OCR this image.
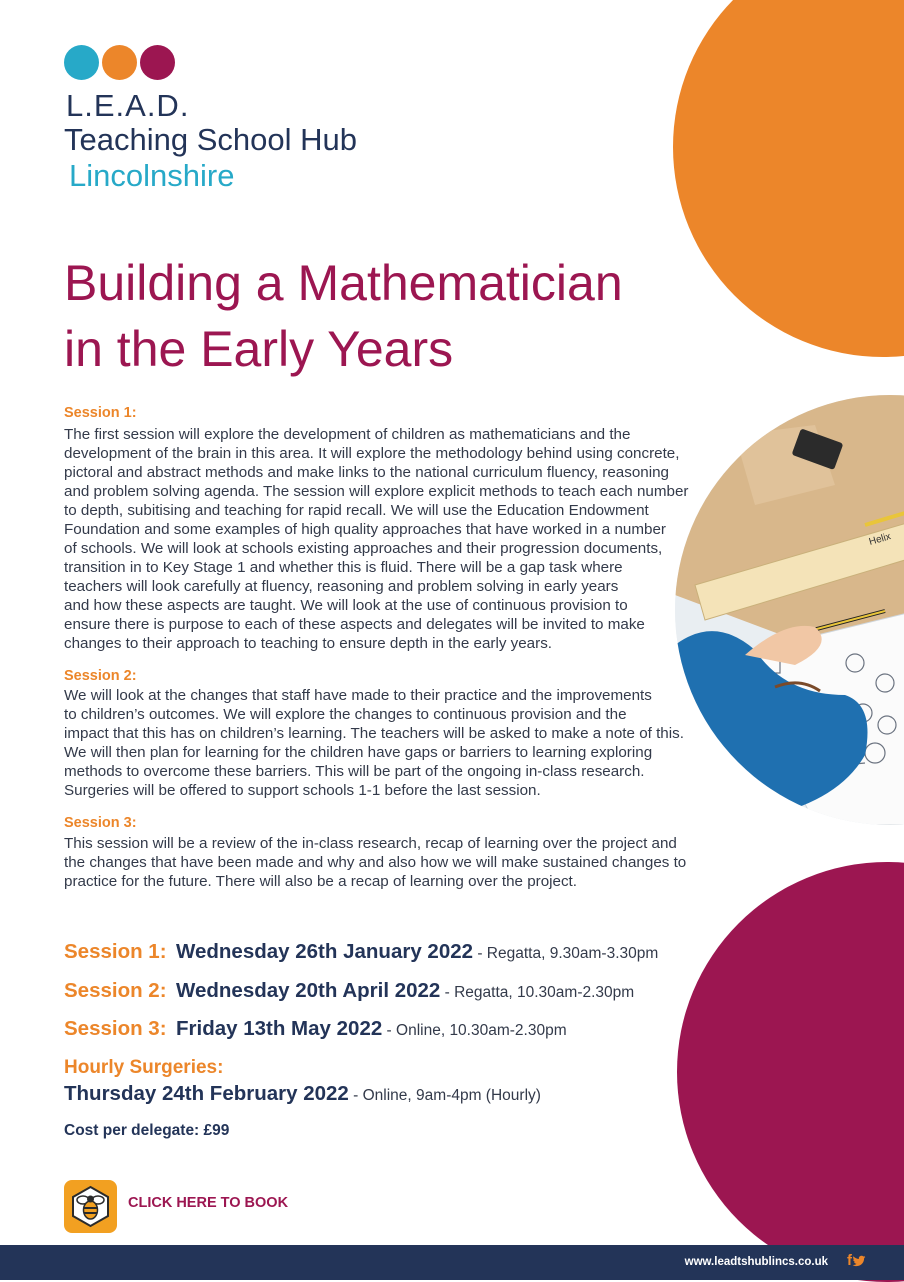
Helix
L.E.A.D.
Teaching School Hub
Lincolnshire
Building a Mathematician
in the Early Years
Session 1:
The first session will explore the development of children as mathematicians and the
development of the brain in this area. It will explore the methodology behind using concrete,
pictoral and abstract methods and make links to the national curriculum fluency, reasoning
and problem solving agenda. The session will explore explicit methods to teach each number
to depth, subitising and teaching for rapid recall. We will use the Education Endowment
Foundation and some examples of high quality approaches that have worked in a number
of schools. We will look at schools existing approaches and their progression documents,
transition in to Key Stage 1 and whether this is fluid. There will be a gap task where
teachers will look carefully at fluency, reasoning and problem solving in early years
and how these aspects are taught. We will look at the use of continuous provision to
ensure there is purpose to each of these aspects and delegates will be invited to make
changes to their approach to teaching to ensure depth in the early years.
Session 2:
We will look at the changes that staff have made to their practice and the improvements
to children’s outcomes. We will explore the changes to continuous provision and the
impact that this has on children’s learning. The teachers will be asked to make a note of this.
We will then plan for learning for the children have gaps or barriers to learning exploring
methods to overcome these barriers. This will be part of the ongoing in-class research.
Surgeries will be offered to support schools 1-1 before the last session.
Session 3:
This session will be a review of the in-class research, recap of learning over the project and
the changes that have been made and why and also how we will make sustained changes to
practice for the future. There will also be a recap of learning over the project.
Session 1: Wednesday 26th January 2022 - Regatta, 9.30am-3.30pm
Session 2: Wednesday 20th April 2022 - Regatta, 10.30am-2.30pm
Session 3: Friday 13th May 2022 - Online, 10.30am-2.30pm
Hourly Surgeries:
Thursday 24th February 2022 - Online, 9am-4pm (Hourly)
Cost per delegate: £99
CLICK HERE TO BOOK
www.leadtshublincs.co.uk f
